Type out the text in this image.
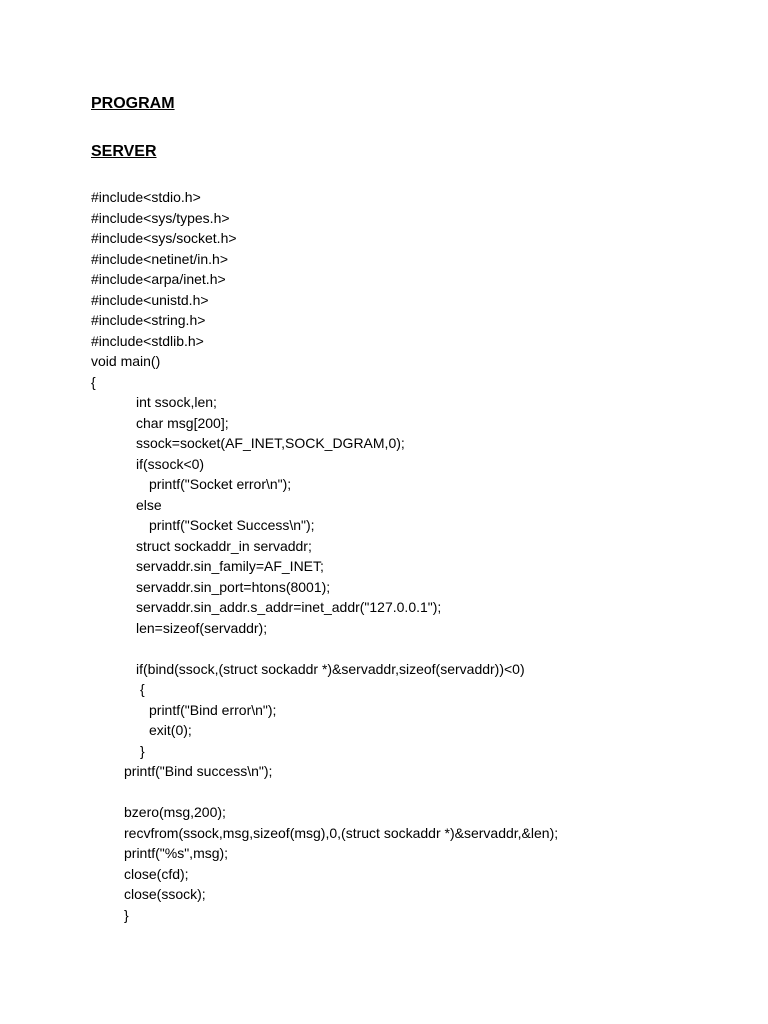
PROGRAM

SERVER

#include<stdio.h>
#include<sys/types.h>
#include<sys/socket.h>
#include<netinet/in.h>
#include<arpa/inet.h>
#include<unistd.h>
#include<string.h>
#include<stdlib.h>
void main()
{
int ssock,len;
char msg[200];
ssock=socket(AF_INET,SOCK_DGRAM,0);
if(ssock<0)
printf("Socket error\n");
else
printf("Socket Success\n");
struct sockaddr_in servaddr;
servaddr.sin_family=AF_INET;
servaddr.sin_port=htons(8001);
servaddr.sin_addr.s_addr=inet_addr("127.0.0.1");
len=sizeof(servaddr);
if(bind(ssock,(struct sockaddr *)&servaddr,sizeof(servaddr))<0)
{
printf("Bind error\n");
exit(0);
}
printf("Bind success\n");
bzero(msg,200);
recvfrom(ssock,msg,sizeof(msg),0,(struct sockaddr *)&servaddr,&len);
printf("%s",msg);
close(cfd);
close(ssock);
}
